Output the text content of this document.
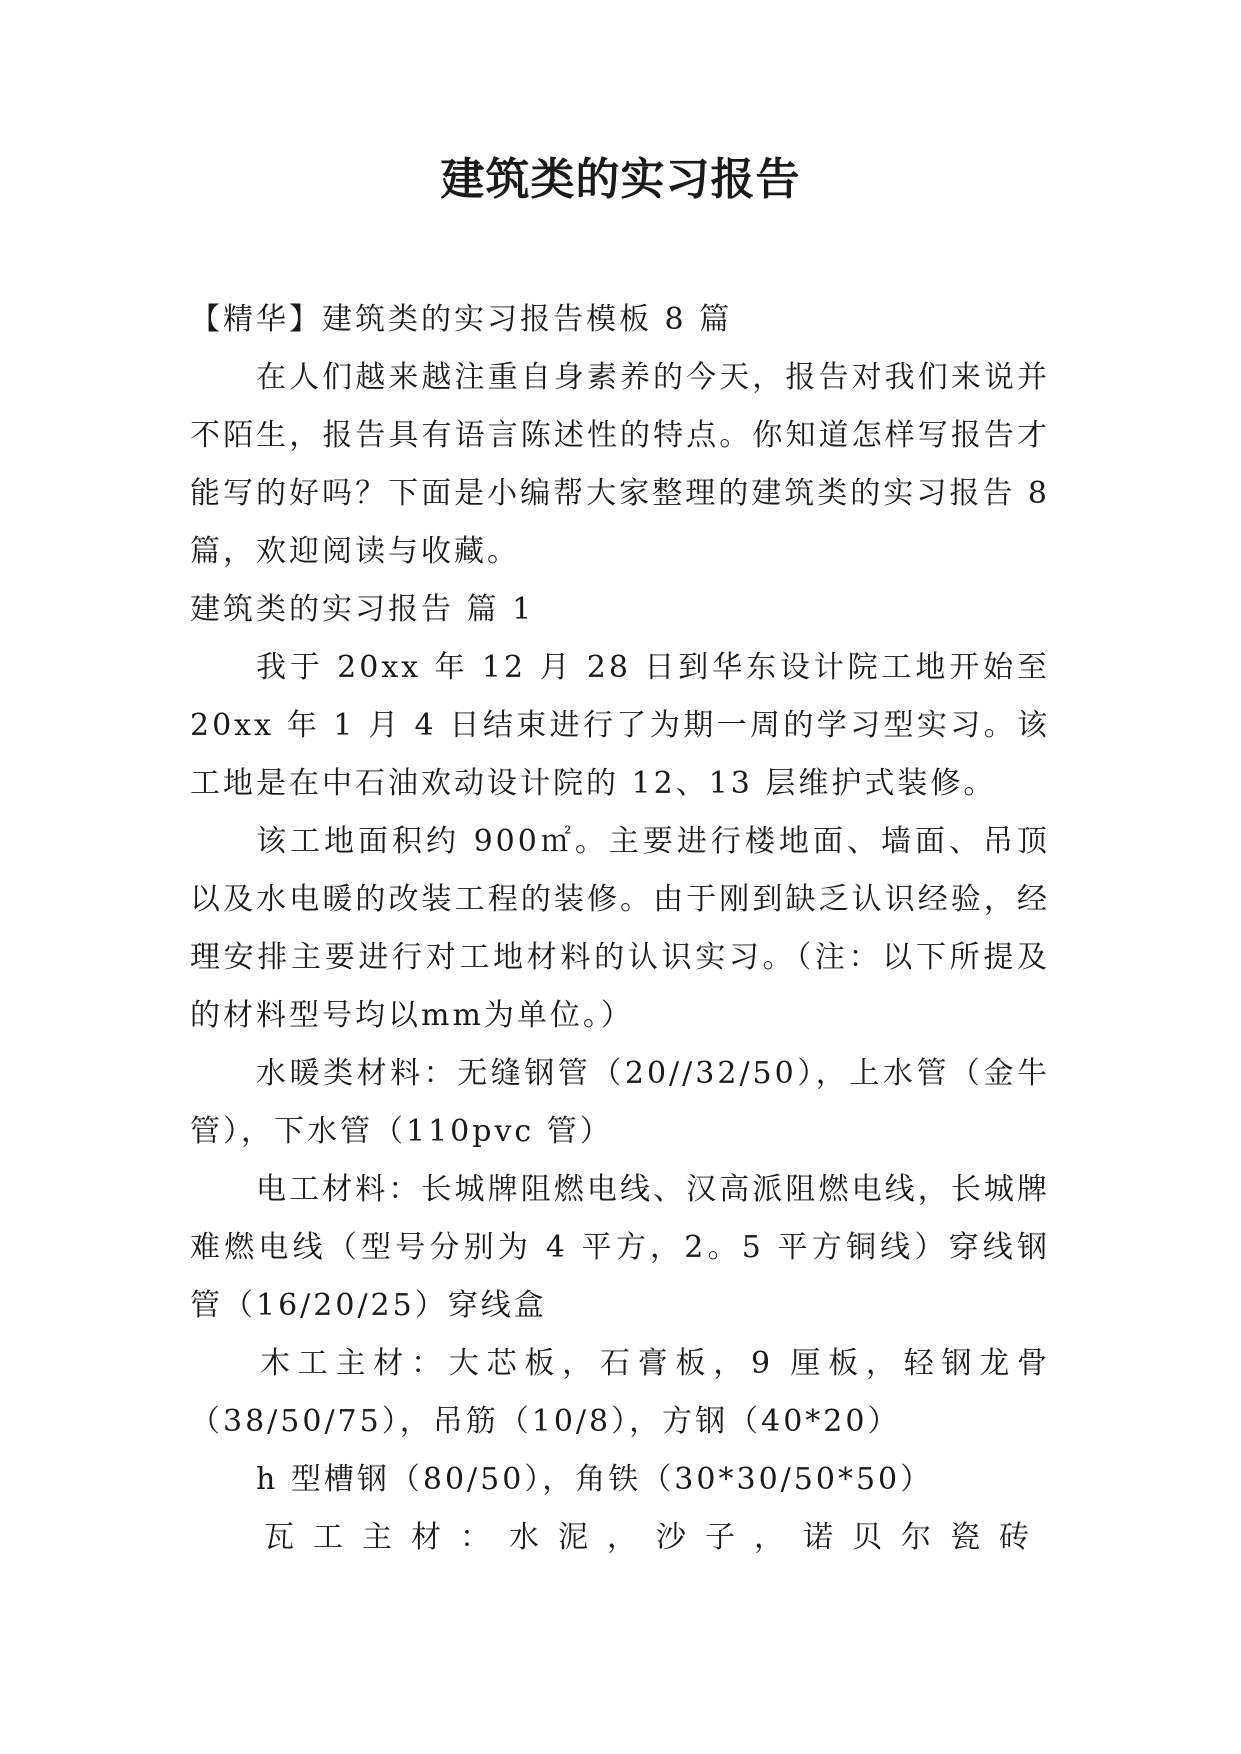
建筑类的实习报告

【精华】建筑类的实习报告模板 8 篇

在人们越来越注重自身素养的今天，报告对我们来说并不陌生，报告具有语言陈述性的特点。你知道怎样写报告才能写的好吗？下面是小编帮大家整理的建筑类的实习报告 8 篇，欢迎阅读与收藏。

建筑类的实习报告 篇 1

我于 20xx 年 12 月 28 日到华东设计院工地开始至 20xx 年 1 月 4 日结束进行了为期一周的学习型实习。该工地是在中石油欢动设计院的 12、13 层维护式装修。

该工地面积约 900㎡。主要进行楼地面、墙面、吊顶以及水电暖的改装工程的装修。由于刚到缺乏认识经验，经理安排主要进行对工地材料的认识实习。（注：以下所提及的材料型号均以mm为单位。）

水暖类材料：无缝钢管（20//32/50），上水管（金牛管），下水管（110pvc 管）

电工材料：长城牌阻燃电线、汉高派阻燃电线，长城牌难燃电线（型号分别为 4 平方，2。5 平方铜线）穿线钢管（16/20/25）穿线盒

木工主材：大芯板，石膏板，9 厘板，轻钢龙骨（38/50/75），吊筋（10/8），方钢（40*20）

h 型槽钢（80/50），角铁（30*30/50*50）

瓦工主材：水泥，沙子，诺贝尔瓷砖
